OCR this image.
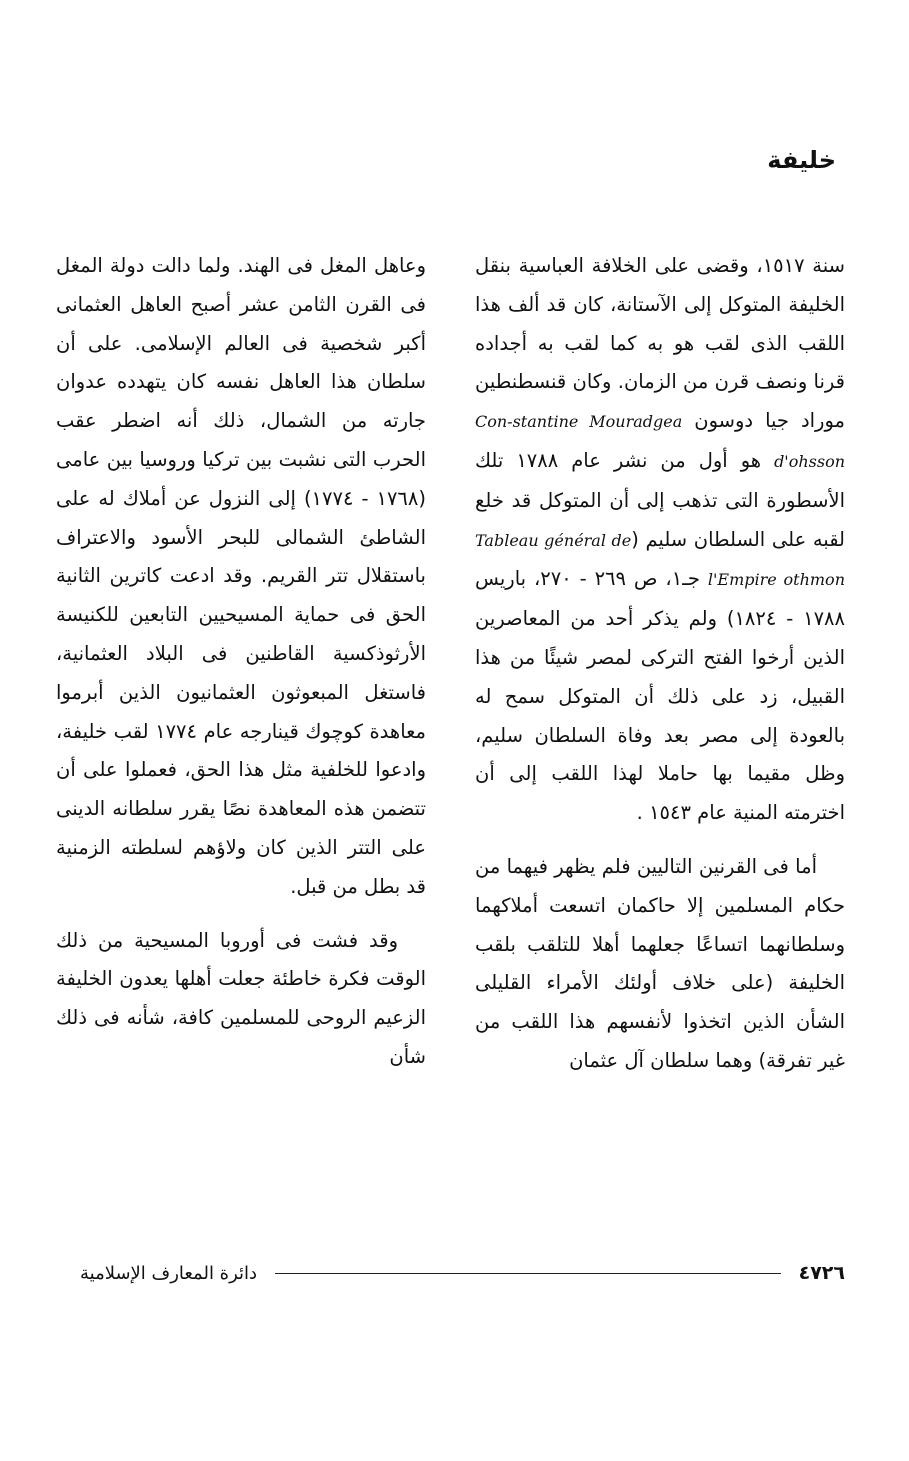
خليفة

سنة ١٥١٧، وقضى على الخلافة العباسية بنقل الخليفة المتوكل إلى الآستانة، كان قد ألف هذا اللقب الذى لقب هو به كما لقب به أجداده قرنا ونصف قرن من الزمان. وكان قنسطنطين موراد جيا دوسون Con-stantine Mouradgea d'ohsson هو أول من نشر عام ١٧٨٨ تلك الأسطورة التى تذهب إلى أن المتوكل قد خلع لقبه على السلطان سليم (Tableau général de l'Empire othmon جـ١، ص ٢٦٩ - ٢٧٠، باريس ١٧٨٨ - ١٨٢٤) ولم يذكر أحد من المعاصرين الذين أرخوا الفتح التركى لمصر شيئًا من هذا القبيل، زد على ذلك أن المتوكل سمح له بالعودة إلى مصر بعد وفاة السلطان سليم، وظل مقيما بها حاملا لهذا اللقب إلى أن اخترمته المنية عام ١٥٤٣ .

أما فى القرنين التاليين فلم يظهر فيهما من حكام المسلمين إلا حاكمان اتسعت أملاكهما وسلطانهما اتساعًا جعلهما أهلا للتلقب بلقب الخليفة (على خلاف أولئك الأمراء القليلى الشأن الذين اتخذوا لأنفسهم هذا اللقب من غير تفرقة) وهما سلطان آل عثمان

وعاهل المغل فى الهند. ولما دالت دولة المغل فى القرن الثامن عشر أصبح العاهل العثمانى أكبر شخصية فى العالم الإسلامى. على أن سلطان هذا العاهل نفسه كان يتهدده عدوان جارته من الشمال، ذلك أنه اضطر عقب الحرب التى نشبت بين تركيا وروسيا بين عامى (١٧٦٨ - ١٧٧٤) إلى النزول عن أملاك له على الشاطئ الشمالى للبحر الأسود والاعتراف باستقلال تتر القريم. وقد ادعت كاترين الثانية الحق فى حماية المسيحيين التابعين للكنيسة الأرثوذكسية القاطنين فى البلاد العثمانية، فاستغل المبعوثون العثمانيون الذين أبرموا معاهدة كوچوك قينارجه عام ١٧٧٤ لقب خليفة، وادعوا للخلفية مثل هذا الحق، فعملوا على أن تتضمن هذه المعاهدة نصًا يقرر سلطانه الدينى على التتر الذين كان ولاؤهم لسلطته الزمنية قد بطل من قبل.

وقد فشت فى أوروبا المسيحية من ذلك الوقت فكرة خاطئة جعلت أهلها يعدون الخليفة الزعيم الروحى للمسلمين كافة، شأنه فى ذلك شأن

٤٧٢٦
دائرة المعارف الإسلامية
